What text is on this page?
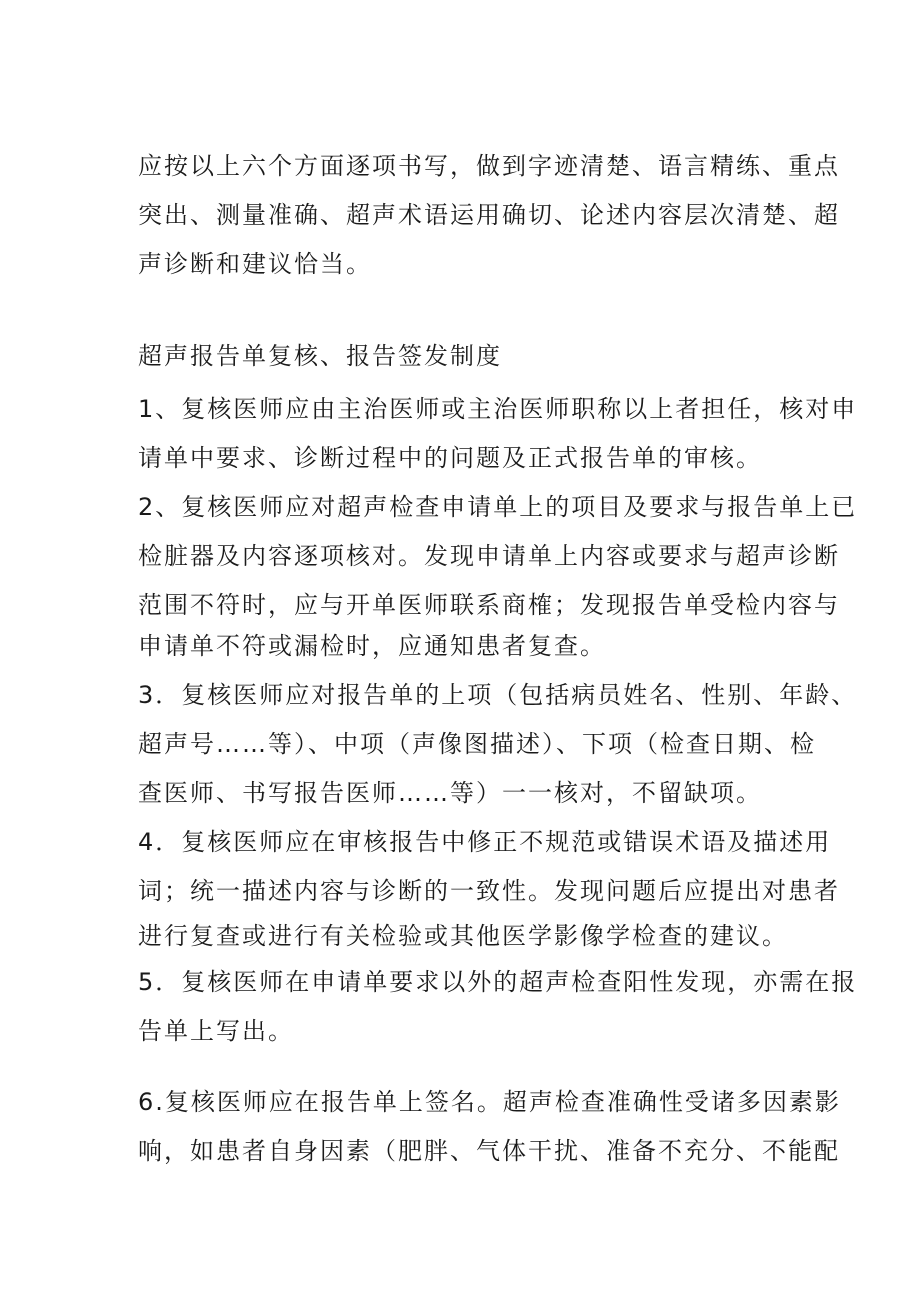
应按以上六个方面逐项书写，做到字迹清楚、语言精练、重点
突出、测量准确、超声术语运用确切、论述内容层次清楚、超
声诊断和建议恰当。
超声报告单复核、报告签发制度
1、复核医师应由主治医师或主治医师职称以上者担任，核对申
请单中要求、诊断过程中的问题及正式报告单的审核。
2、复核医师应对超声检查申请单上的项目及要求与报告单上已
检脏器及内容逐项核对。发现申请单上内容或要求与超声诊断
范围不符时，应与开单医师联系商榷；发现报告单受检内容与
申请单不符或漏检时，应通知患者复查。
3．复核医师应对报告单的上项（包括病员姓名、性别、年龄、
超声号……等）、中项（声像图描述）、下项（检查日期、检
查医师、书写报告医师……等）一一核对，不留缺项。
4．复核医师应在审核报告中修正不规范或错误术语及描述用
词；统一描述内容与诊断的一致性。发现问题后应提出对患者
进行复查或进行有关检验或其他医学影像学检查的建议。
5．复核医师在申请单要求以外的超声检查阳性发现，亦需在报
告单上写出。
6.复核医师应在报告单上签名。超声检查准确性受诸多因素影
响，如患者自身因素（肥胖、气体干扰、准备不充分、不能配
